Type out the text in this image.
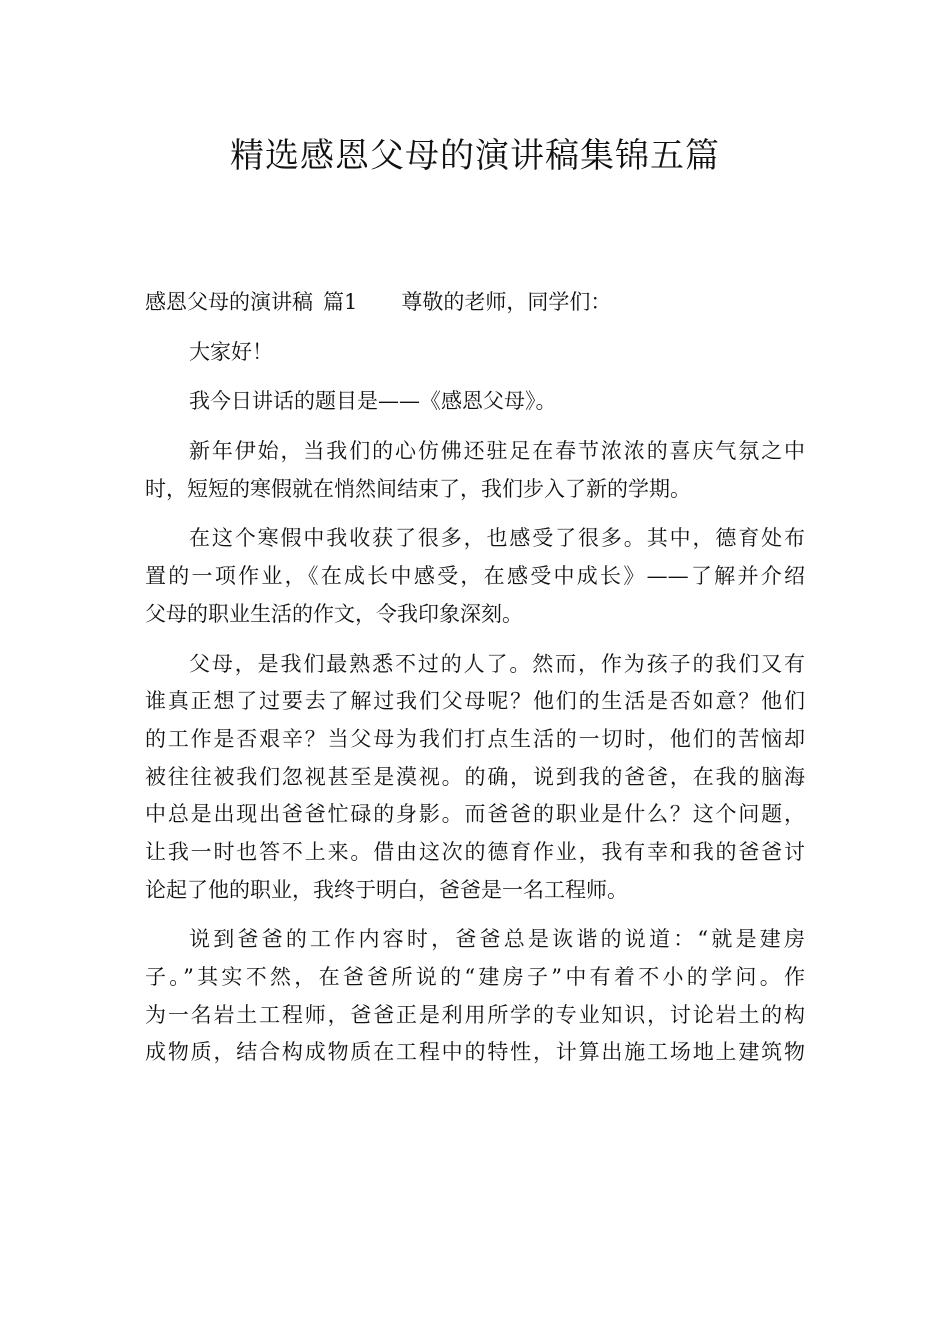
精选感恩父母的演讲稿集锦五篇
感恩父母的演讲稿 篇1 尊敬的老师，同学们：
大家好！
我今日讲话的题目是——《感恩父母》。
新年伊始，当我们的心仿佛还驻足在春节浓浓的喜庆气氛之中
时，短短的寒假就在悄然间结束了，我们步入了新的学期。
在这个寒假中我收获了很多，也感受了很多。其中，德育处布
置的一项作业，《在成长中感受，在感受中成长》——了解并介绍
父母的职业生活的作文，令我印象深刻。
父母，是我们最熟悉不过的人了。然而，作为孩子的我们又有
谁真正想了过要去了解过我们父母呢？他们的生活是否如意？他们
的工作是否艰辛？当父母为我们打点生活的一切时，他们的苦恼却
被往往被我们忽视甚至是漠视。的确，说到我的爸爸，在我的脑海
中总是出现出爸爸忙碌的身影。而爸爸的职业是什么？这个问题，
让我一时也答不上来。借由这次的德育作业，我有幸和我的爸爸讨
论起了他的职业，我终于明白，爸爸是一名工程师。
说到爸爸的工作内容时，爸爸总是诙谐的说道：“就是建房
子。”其实不然，在爸爸所说的“建房子”中有着不小的学问。作
为一名岩土工程师，爸爸正是利用所学的专业知识，讨论岩土的构
成物质，结合构成物质在工程中的特性，计算出施工场地上建筑物
